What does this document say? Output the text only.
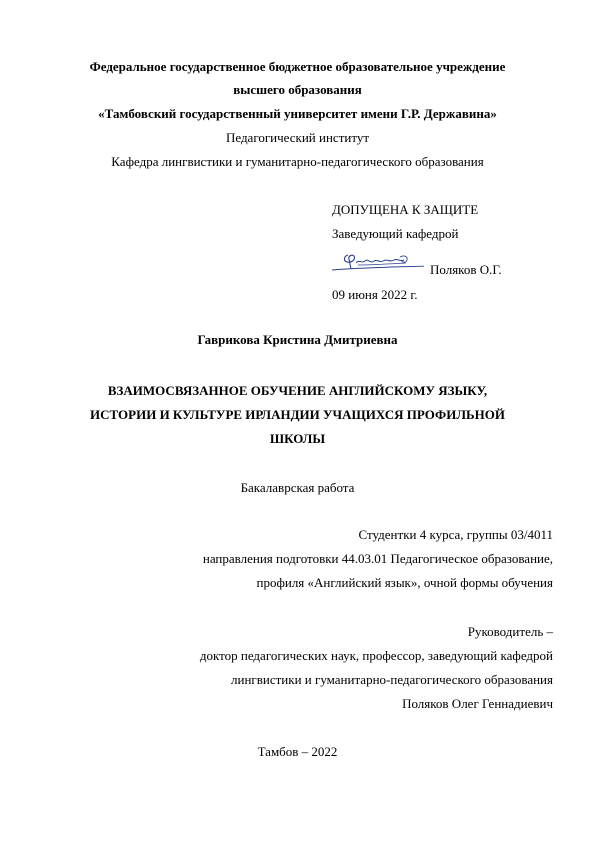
Федеральное государственное бюджетное образовательное учреждение
высшего образования
«Тамбовский государственный университет имени Г.Р. Державина»
Педагогический институт
Кафедра лингвистики и гуманитарно-педагогического образования
ДОПУЩЕНА К ЗАЩИТЕ
Заведующий кафедрой
Поляков О.Г.
09 июня 2022 г.
Гаврикова Кристина Дмитриевна
ВЗАИМОСВЯЗАННОЕ ОБУЧЕНИЕ АНГЛИЙСКОМУ ЯЗЫКУ,
ИСТОРИИ И КУЛЬТУРЕ ИРЛАНДИИ УЧАЩИХСЯ ПРОФИЛЬНОЙ
ШКОЛЫ
Бакалаврская работа
Студентки 4 курса, группы 03/4011
направления подготовки 44.03.01 Педагогическое образование,
профиля «Английский язык», очной формы обучения
Руководитель –
доктор педагогических наук, профессор, заведующий кафедрой
лингвистики и гуманитарно-педагогического образования
Поляков Олег Геннадиевич
Тамбов – 2022
